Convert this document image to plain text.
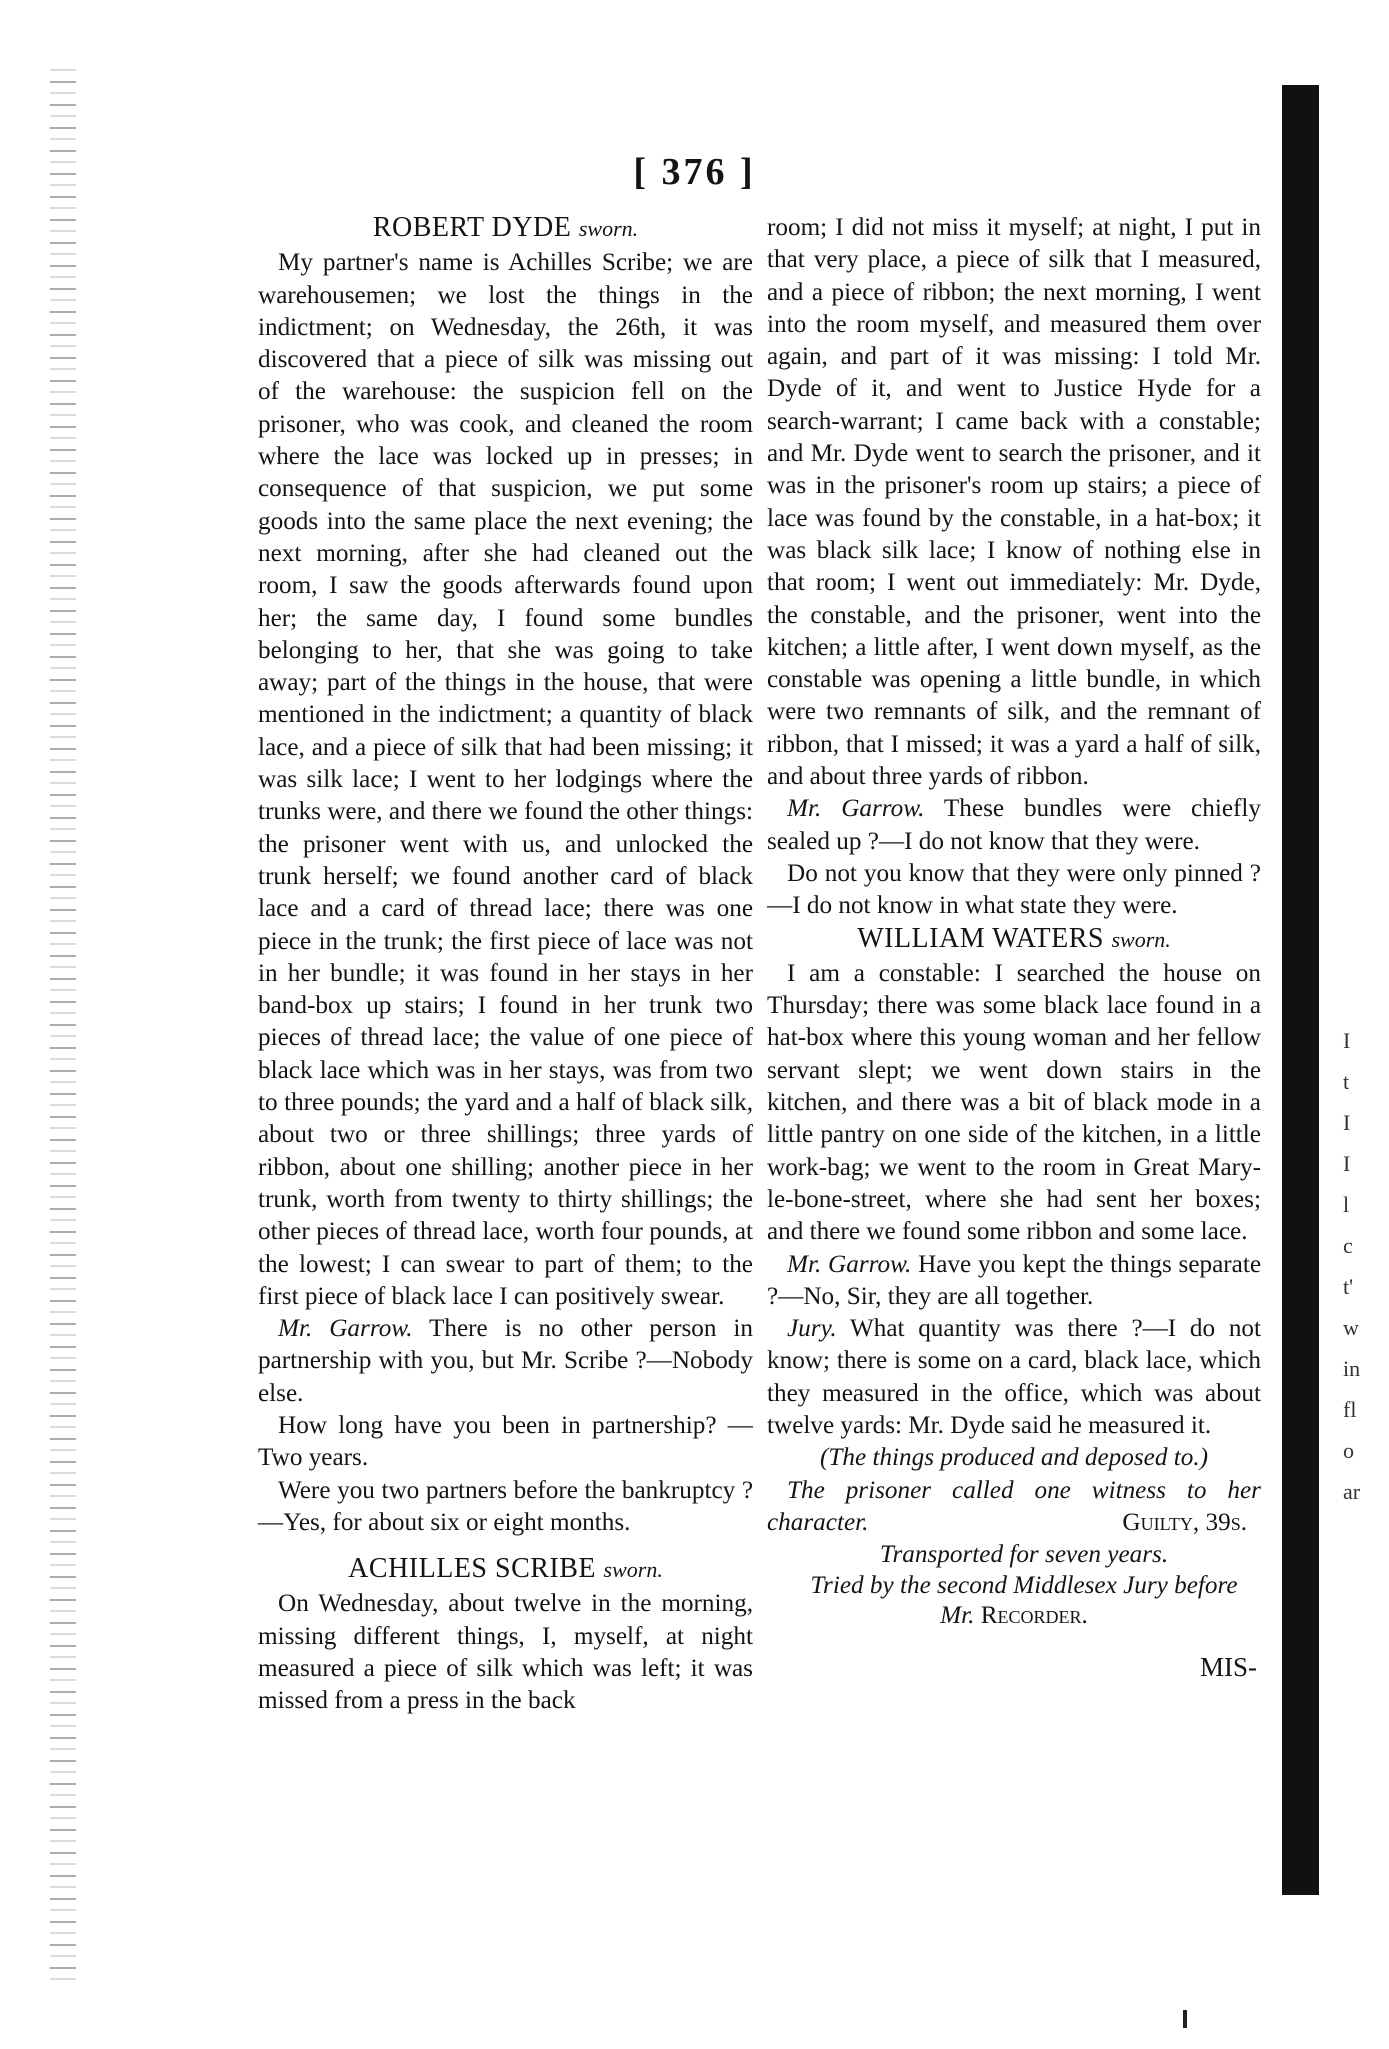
[ 376 ]
ROBERT DYDE sworn.

My partner's name is Achilles Scribe; we are warehousemen; we lost the things in the indictment; on Wednesday, the 26th, it was discovered that a piece of silk was missing out of the warehouse: the suspicion fell on the prisoner, who was cook, and cleaned the room where the lace was locked up in presses; in consequence of that suspicion, we put some goods into the same place the next evening; the next morning, after she had cleaned out the room, I saw the goods afterwards found upon her; the same day, I found some bundles belonging to her, that she was going to take away; part of the things in the house, that were mentioned in the indictment; a quantity of black lace, and a piece of silk that had been missing; it was silk lace; I went to her lodgings where the trunks were, and there we found the other things: the prisoner went with us, and unlocked the trunk herself; we found another card of black lace and a card of thread lace; there was one piece in the trunk; the first piece of lace was not in her bundle; it was found in her stays in her band-box up stairs; I found in her trunk two pieces of thread lace; the value of one piece of black lace which was in her stays, was from two to three pounds; the yard and a half of black silk, about two or three shillings; three yards of ribbon, about one shilling; another piece in her trunk, worth from twenty to thirty shillings; the other pieces of thread lace, worth four pounds, at the lowest; I can swear to part of them; to the first piece of black lace I can positively swear.

Mr. Garrow. There is no other person in partnership with you, but Mr. Scribe ?—Nobody else.

How long have you been in partnership? —Two years.

Were you two partners before the bankruptcy ?—Yes, for about six or eight months.

ACHILLES SCRIBE sworn.

On Wednesday, about twelve in the morning, missing different things, I, myself, at night measured a piece of silk which was left; it was missed from a press in the back

room; I did not miss it myself; at night, I put in that very place, a piece of silk that I measured, and a piece of ribbon; the next morning, I went into the room myself, and measured them over again, and part of it was missing: I told Mr. Dyde of it, and went to Justice Hyde for a search-warrant; I came back with a constable; and Mr. Dyde went to search the prisoner, and it was in the prisoner's room up stairs; a piece of lace was found by the constable, in a hat-box; it was black silk lace; I know of nothing else in that room; I went out immediately: Mr. Dyde, the constable, and the prisoner, went into the kitchen; a little after, I went down myself, as the constable was opening a little bundle, in which were two remnants of silk, and the remnant of ribbon, that I missed; it was a yard a half of silk, and about three yards of ribbon.

Mr. Garrow. These bundles were chiefly sealed up ?—I do not know that they were.

Do not you know that they were only pinned ?—I do not know in what state they were.

WILLIAM WATERS sworn.

I am a constable: I searched the house on Thursday; there was some black lace found in a hat-box where this young woman and her fellow servant slept; we went down stairs in the kitchen, and there was a bit of black mode in a little pantry on one side of the kitchen, in a little work-bag; we went to the room in Great Mary-le-bone-street, where she had sent her boxes; and there we found some ribbon and some lace.

Mr. Garrow. Have you kept the things separate ?—No, Sir, they are all together.

Jury. What quantity was there ?—I do not know; there is some on a card, black lace, which they measured in the office, which was about twelve yards: Mr. Dyde said he measured it.

(The things produced and deposed to.)

The prisoner called one witness to her character.	Guilty, 39s.

Transported for seven years.

Tried by the second Middlesex Jury before
Mr. Recorder.

MIS-
I
t
I
I
l
c
t'
w
in
fl
o
ar
